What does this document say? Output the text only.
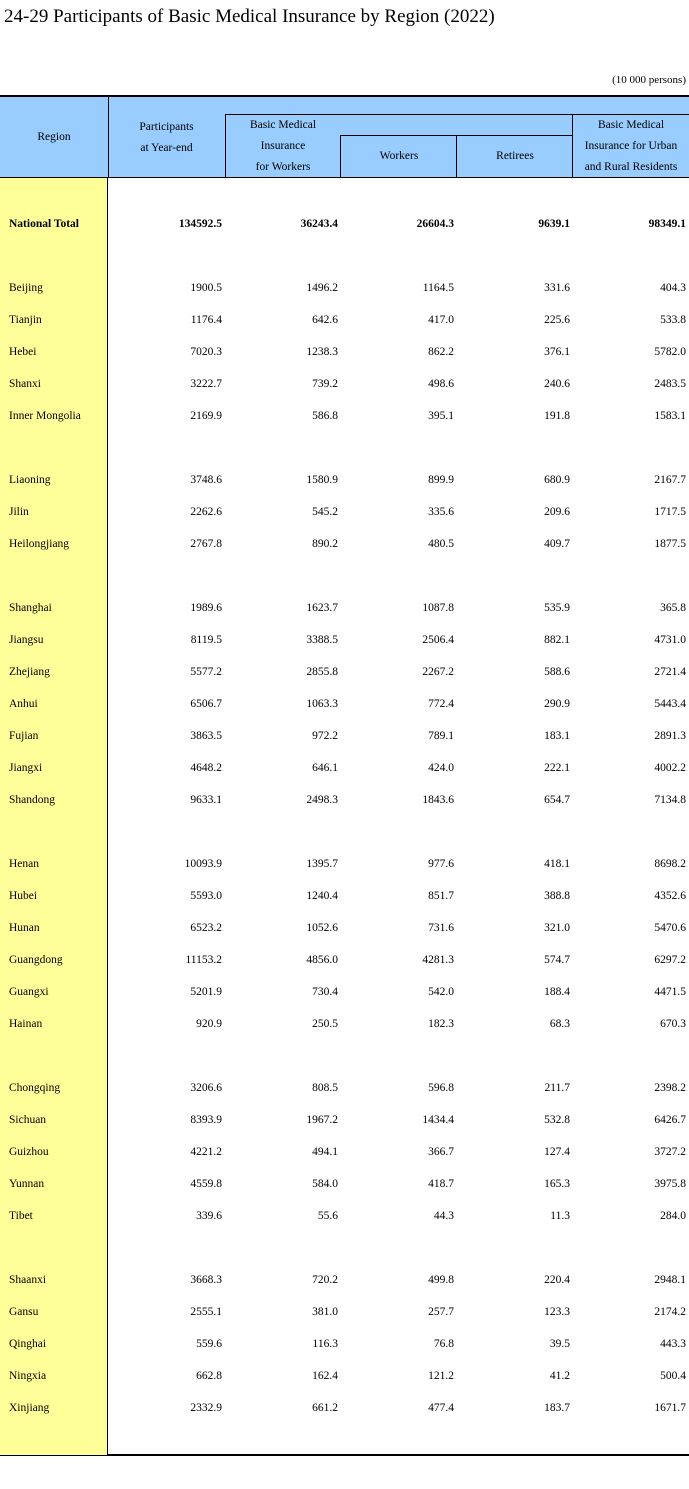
24-29 Participants of Basic Medical Insurance by Region (2022)
(10 000 persons)
Region
Participants
at Year-end
Basic Medical
Insurance
for Workers
Workers	Retirees
Basic Medical
Insurance for Urban
and Rural Residents
National Total	134592.5	36243.4	26604.3	9639.1	98349.1
Beijing	1900.5	1496.2	1164.5	331.6	404.3
Tianjin	1176.4	642.6	417.0	225.6	533.8
Hebei	7020.3	1238.3	862.2	376.1	5782.0
Shanxi	3222.7	739.2	498.6	240.6	2483.5
Inner Mongolia	2169.9	586.8	395.1	191.8	1583.1
Liaoning	3748.6	1580.9	899.9	680.9	2167.7
Jilin	2262.6	545.2	335.6	209.6	1717.5
Heilongjiang	2767.8	890.2	480.5	409.7	1877.5
Shanghai	1989.6	1623.7	1087.8	535.9	365.8
Jiangsu	8119.5	3388.5	2506.4	882.1	4731.0
Zhejiang	5577.2	2855.8	2267.2	588.6	2721.4
Anhui	6506.7	1063.3	772.4	290.9	5443.4
Fujian	3863.5	972.2	789.1	183.1	2891.3
Jiangxi	4648.2	646.1	424.0	222.1	4002.2
Shandong	9633.1	2498.3	1843.6	654.7	7134.8
Henan	10093.9	1395.7	977.6	418.1	8698.2
Hubei	5593.0	1240.4	851.7	388.8	4352.6
Hunan	6523.2	1052.6	731.6	321.0	5470.6
Guangdong	11153.2	4856.0	4281.3	574.7	6297.2
Guangxi	5201.9	730.4	542.0	188.4	4471.5
Hainan	920.9	250.5	182.3	68.3	670.3
Chongqing	3206.6	808.5	596.8	211.7	2398.2
Sichuan	8393.9	1967.2	1434.4	532.8	6426.7
Guizhou	4221.2	494.1	366.7	127.4	3727.2
Yunnan	4559.8	584.0	418.7	165.3	3975.8
Tibet	339.6	55.6	44.3	11.3	284.0
Shaanxi	3668.3	720.2	499.8	220.4	2948.1
Gansu	2555.1	381.0	257.7	123.3	2174.2
Qinghai	559.6	116.3	76.8	39.5	443.3
Ningxia	662.8	162.4	121.2	41.2	500.4
Xinjiang	2332.9	661.2	477.4	183.7	1671.7
